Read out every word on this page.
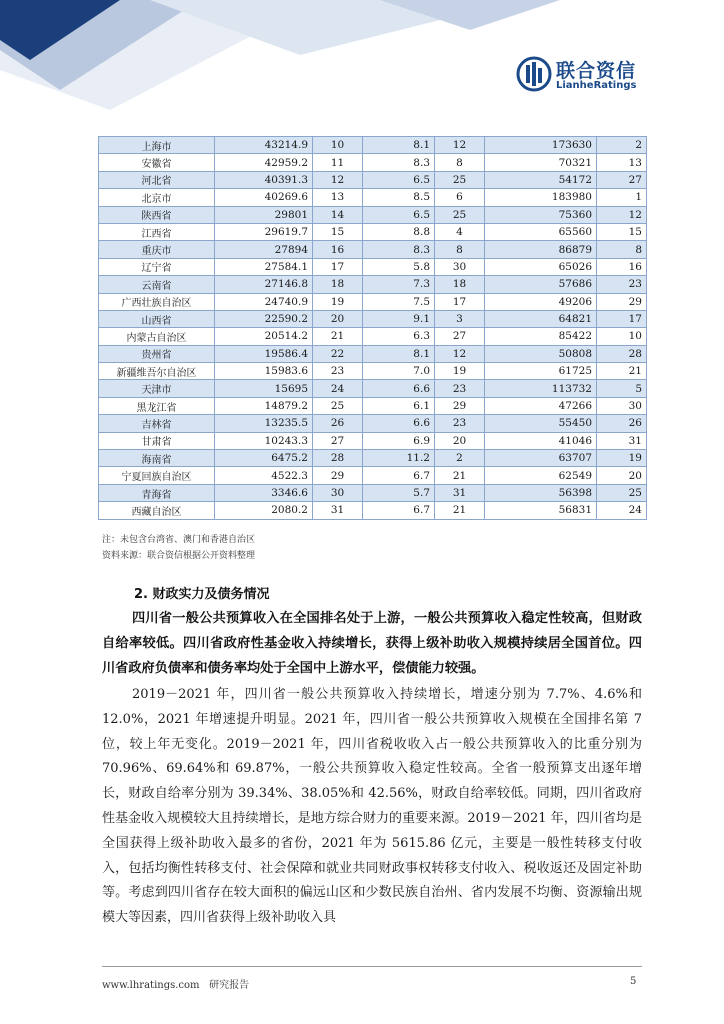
联合资信
LianheRatings
上海市	43214.9	10	8.1	12	173630	2
安徽省	42959.2	11	8.3	8	70321	13
河北省	40391.3	12	6.5	25	54172	27
北京市	40269.6	13	8.5	6	183980	1
陕西省	29801	14	6.5	25	75360	12
江西省	29619.7	15	8.8	4	65560	15
重庆市	27894	16	8.3	8	86879	8
辽宁省	27584.1	17	5.8	30	65026	16
云南省	27146.8	18	7.3	18	57686	23
广西壮族自治区	24740.9	19	7.5	17	49206	29
山西省	22590.2	20	9.1	3	64821	17
内蒙古自治区	20514.2	21	6.3	27	85422	10
贵州省	19586.4	22	8.1	12	50808	28
新疆维吾尔自治区	15983.6	23	7.0	19	61725	21
天津市	15695	24	6.6	23	113732	5
黑龙江省	14879.2	25	6.1	29	47266	30
吉林省	13235.5	26	6.6	23	55450	26
甘肃省	10243.3	27	6.9	20	41046	31
海南省	6475.2	28	11.2	2	63707	19
宁夏回族自治区	4522.3	29	6.7	21	62549	20
青海省	3346.6	30	5.7	31	56398	25
西藏自治区	2080.2	31	6.7	21	56831	24
注：未包含台湾省、澳门和香港自治区
资料来源：联合资信根据公开资料整理
2. 财政实力及债务情况

四川省一般公共预算收入在全国排名处于上游，一般公共预算收入稳定性较高，但财政自给率较低。四川省政府性基金收入持续增长，获得上级补助收入规模持续居全国首位。四川省政府负债率和债务率均处于全国中上游水平，偿债能力较强。

2019－2021 年，四川省一般公共预算收入持续增长，增速分别为 7.7%、4.6%和 12.0%，2021 年增速提升明显。2021 年，四川省一般公共预算收入规模在全国排名第 7 位，较上年无变化。2019－2021 年，四川省税收收入占一般公共预算收入的比重分别为 70.96%、69.64%和 69.87%，一般公共预算收入稳定性较高。全省一般预算支出逐年增长，财政自给率分别为 39.34%、38.05%和 42.56%，财政自给率较低。同期，四川省政府性基金收入规模较大且持续增长，是地方综合财力的重要来源。2019－2021 年，四川省均是全国获得上级补助收入最多的省份，2021 年为 5615.86 亿元，主要是一般性转移支付收入，包括均衡性转移支付、社会保障和就业共同财政事权转移支付收入、税收返还及固定补助等。考虑到四川省存在较大面积的偏远山区和少数民族自治州、省内发展不均衡、资源输出规模大等因素，四川省获得上级补助收入具

www.lhratings.com 研究报告	5
